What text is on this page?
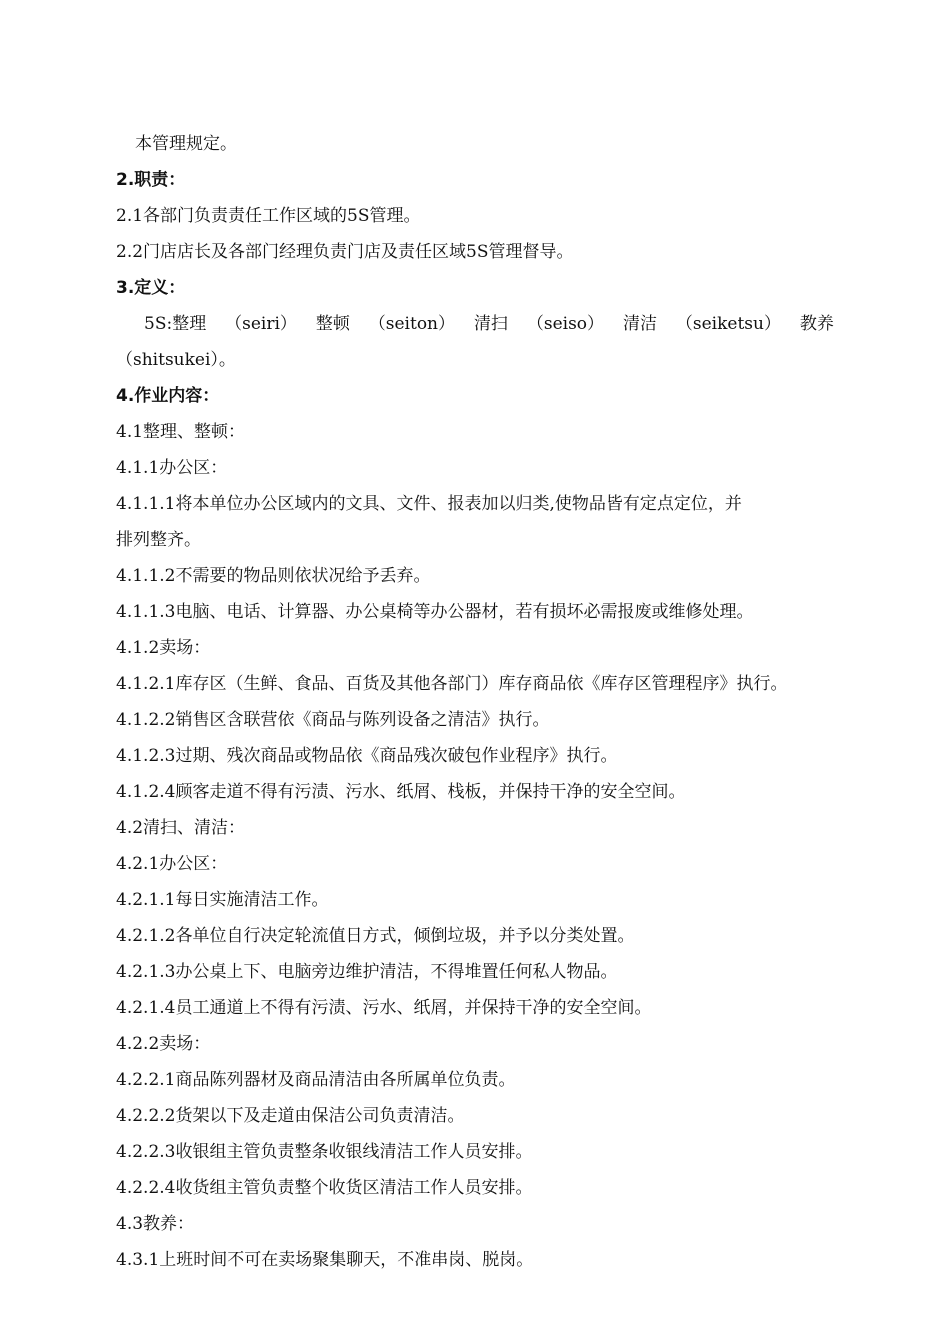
本管理规定。
2.职责：
2.1各部门负责责任工作区域的5S管理。
2.2门店店长及各部门经理负责门店及责任区域5S管理督导。
3.定义：
5S:整理 （seiri） 整顿 （seiton） 清扫 （seiso） 清洁 （seiketsu） 教养
（shitsukei）。
4.作业内容：
4.1整理、整顿：
4.1.1办公区：
4.1.1.1将本单位办公区域内的文具、文件、报表加以归类,使物品皆有定点定位，并
排列整齐。
4.1.1.2不需要的物品则依状况给予丢弃。
4.1.1.3电脑、电话、计算器、办公桌椅等办公器材，若有损坏必需报废或维修处理。
4.1.2卖场：
4.1.2.1库存区（生鲜、食品、百货及其他各部门）库存商品依《库存区管理程序》执行。
4.1.2.2销售区含联营依《商品与陈列设备之清洁》执行。
4.1.2.3过期、残次商品或物品依《商品残次破包作业程序》执行。
4.1.2.4顾客走道不得有污渍、污水、纸屑、栈板，并保持干净的安全空间。
4.2清扫、清洁：
4.2.1办公区：
4.2.1.1每日实施清洁工作。
4.2.1.2各单位自行决定轮流值日方式，倾倒垃圾，并予以分类处置。
4.2.1.3办公桌上下、电脑旁边维护清洁，不得堆置任何私人物品。
4.2.1.4员工通道上不得有污渍、污水、纸屑，并保持干净的安全空间。
4.2.2卖场：
4.2.2.1商品陈列器材及商品清洁由各所属单位负责。
4.2.2.2货架以下及走道由保洁公司负责清洁。
4.2.2.3收银组主管负责整条收银线清洁工作人员安排。
4.2.2.4收货组主管负责整个收货区清洁工作人员安排。
4.3教养：
4.3.1上班时间不可在卖场聚集聊天，不准串岗、脱岗。
